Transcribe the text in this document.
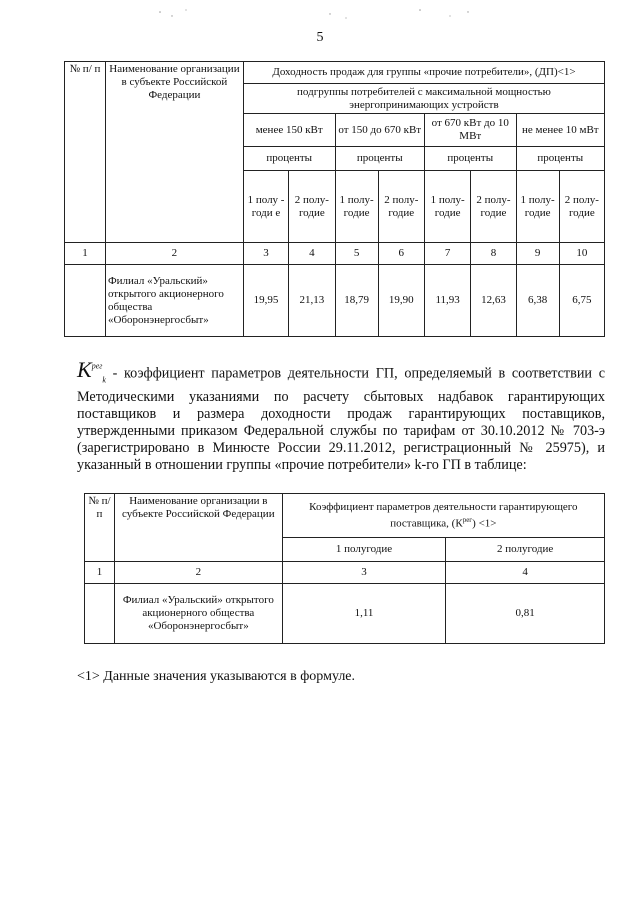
5
№ п/ п	Наименование организации в субъекте Российской Федерации	Доходность продаж для группы «прочие потребители», (ДП)<1>							
		подгруппы потребителей с максимальной мощностью энергопринимающих устройств							
		менее 150 кВт		от 150 до 670 кВт		от 670 кВт до 10 МВт		не менее 10 мВт	
		проценты		проценты		проценты		проценты	
		1 полу - годи е	2 полу- годие	1 полу- годие	2 полу- годие	1 полу- годие	2 полу- годие	1 полу- годие	2 полу- годие
1	2	3	4	5	6	7	8	9	10
	Филиал «Уральский» открытого акционерного общества «Оборонэнергосбыт»	19,95	21,13	18,79	19,90	11,93	12,63	6,38	6,75
$K^{рег}_k$ - коэффициент параметров деятельности ГП, определяемый в соответствии с Методическими указаниями по расчету сбытовых надбавок гарантирующих поставщиков и размера доходности продаж гарантирующих поставщиков, утвержденными приказом Федеральной службы по тарифам от 30.10.2012 № 703-э (зарегистрировано в Минюсте России 29.11.2012, регистрационный № 25975), и указанный в отношении группы «прочие потребители» k-го ГП в таблице:
№ п/п	Наименование организации в субъекте Российской Федерации	Коэффициент параметров деятельности гарантирующего поставщика, $(К^{рег}) <1>$	
		1 полугодие	2 полугодие
1	2	3	4
	Филиал «Уральский» открытого акционерного общества «Оборонэнергосбыт»	1,11	0,81
<1> Данные значения указываются в формуле.
